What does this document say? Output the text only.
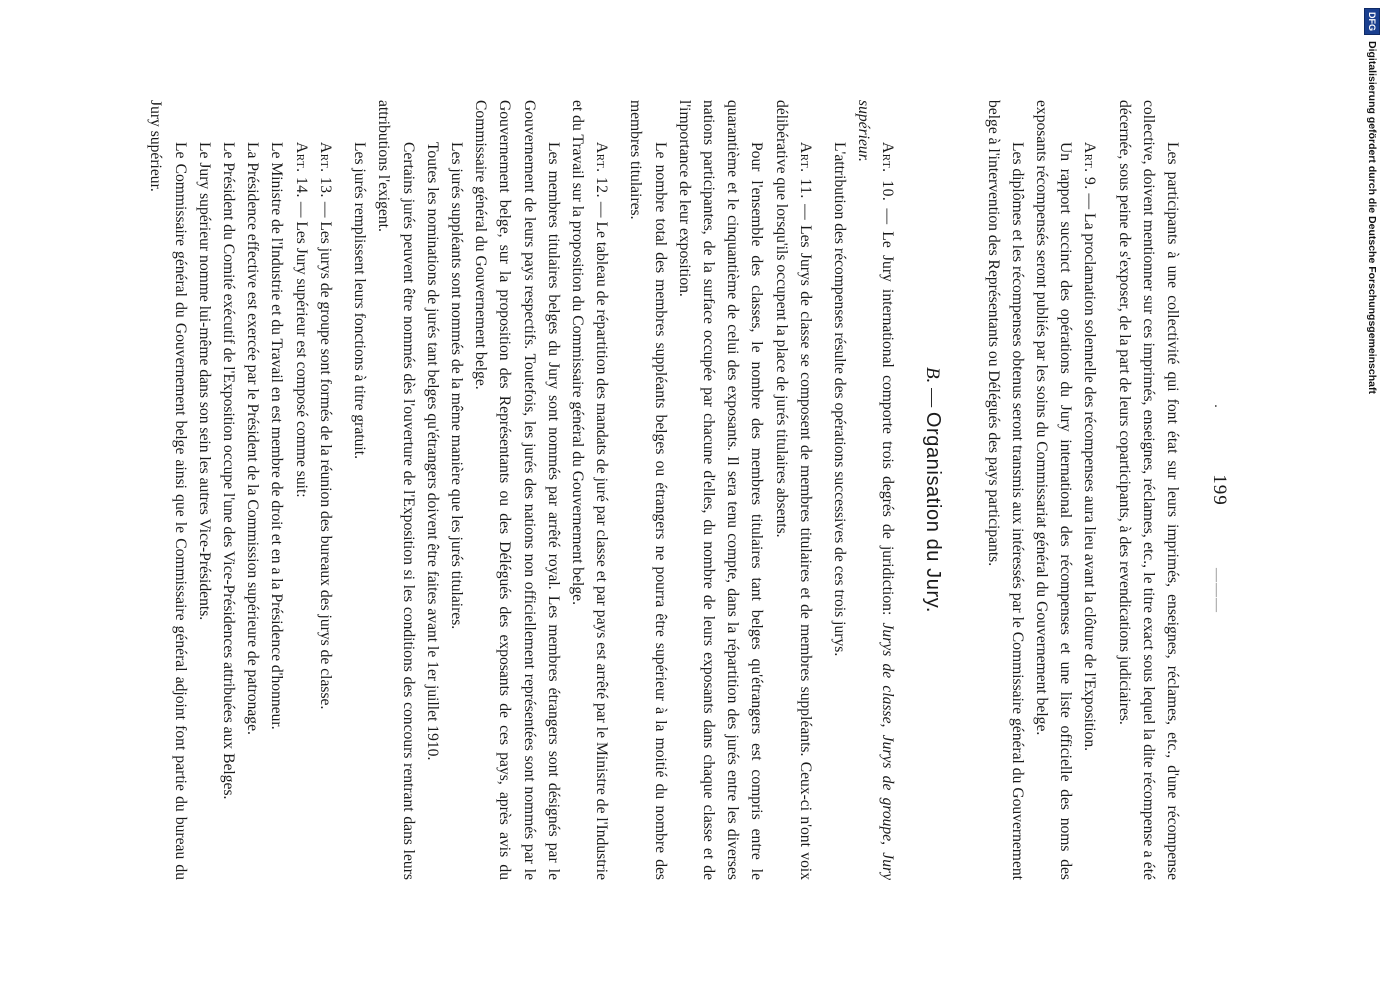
.
199
———

Les participants à une collectivité qui font état sur leurs imprimés, enseignes, réclames, etc., d'une récompense collective, doivent mentionner sur ces imprimés, enseignes, réclames, etc., le titre exact sous lequel la dite récompense a été décernée, sous peine de s'exposer, de la part de leurs coparticipants, à des revendications judiciaires.

Art. 9. — La proclamation solennelle des récompenses aura lieu avant la clôture de l'Exposition.

Un rapport succinct des opérations du Jury international des récompenses et une liste officielle des noms des exposants récompensés seront publiés par les soins du Commissariat général du Gouvernement belge.

Les diplômes et les récompenses obtenus seront transmis aux intéressés par le Commissaire général du Gouvernement belge à l'intervention des Représentants ou Délégués des pays participants.

B. — Organisation du Jury.

Art. 10. — Le Jury international comporte trois degrés de juridiction: Jurys de classe, Jurys de groupe, Jury supérieur.

L'attribution des récompenses résulte des opérations successives de ces trois jurys.

Art. 11. — Les Jurys de classe se composent de membres titulaires et de membres suppléants. Ceux-ci n'ont voix délibérative que lorsqu'ils occupent la place de jurés titulaires absents.

Pour l'ensemble des classes, le nombre des membres titulaires tant belges qu'étrangers est compris entre le quarantième et le cinquantième de celui des exposants. Il sera tenu compte, dans la répartition des jurés entre les diverses nations participantes, de la surface occupée par chacune d'elles, du nombre de leurs exposants dans chaque classe et de l'importance de leur exposition.

Le nombre total des membres suppléants belges ou étrangers ne pourra être supérieur à la moitié du nombre des membres titulaires.

Art. 12. — Le tableau de répartition des mandats de juré par classe et par pays est arrêté par le Ministre de l'Industrie et du Travail sur la proposition du Commissaire général du Gouvernement belge.

Les membres titulaires belges du Jury sont nommés par arrêté royal. Les membres étrangers sont désignés par le Gouvernement de leurs pays respectifs. Toutefois, les jurés des nations non officiellement représentées sont nommés par le Gouvernement belge, sur la proposition des Représentants ou des Délégués des exposants de ces pays, après avis du Commissaire général du Gouvernement belge.

Les jurés suppléants sont nommés de la même manière que les jurés titulaires.

Toutes les nominations de jurés tant belges qu'étrangers doivent être faites avant le 1er juillet 1910.

Certains jurés peuvent être nommés dès l'ouverture de l'Exposition si les conditions des concours rentrant dans leurs attributions l'exigent.

Les jurés remplissent leurs fonctions à titre gratuit.

Art. 13. — Les jurys de groupe sont formés de la réunion des bureaux des jurys de classe.

Art. 14. — Les Jury supérieur est composé comme suit:

Le Ministre de l'Industrie et du Travail en est membre de droit et en a la Présidence d'honneur.

La Présidence effective est exercée par le Président de la Commission supérieure de patronage.

Le Président du Comité exécutif de l'Exposition occupe l'une des Vice-Présidences attribuées aux Belges.

Le Jury supérieur nomme lui-même dans son sein les autres Vice-Présidents.

Le Commissaire général du Gouvernement belge ainsi que le Commissaire général adjoint font partie du bureau du Jury supérieur.

DFGDigitalisierung gefördert durch die Deutsche Forschungsgemeinschaft
